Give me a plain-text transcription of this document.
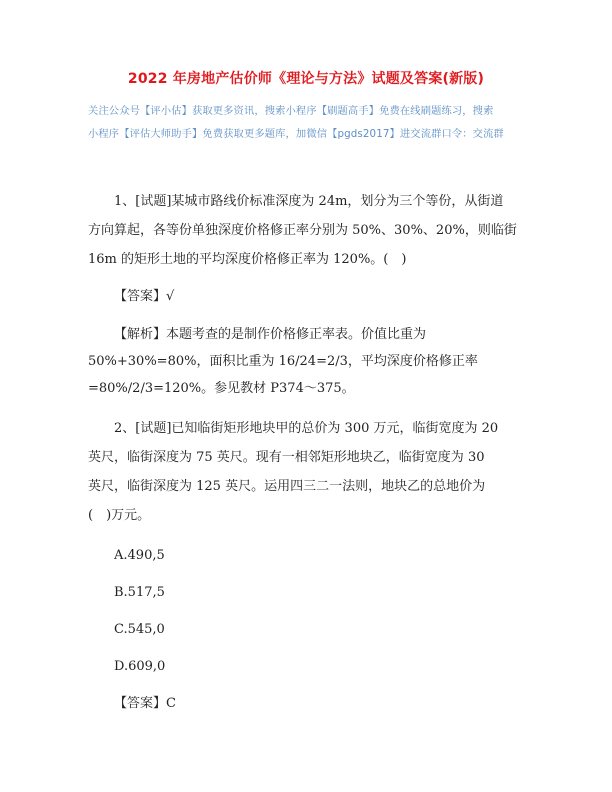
2022 年房地产估价师《理论与方法》试题及答案(新版)
关注公众号【评小估】获取更多资讯，搜索小程序【刷题高手】免费在线刷题练习，搜索
小程序【评估大师助手】免费获取更多题库，加微信【pgds2017】进交流群口令：交流群
1、[试题]某城市路线价标准深度为 24m，划分为三个等份，从街道
方向算起，各等份单独深度价格修正率分别为 50%、30%、20%，则临街
16m 的矩形土地的平均深度价格修正率为 120%。(　)
【答案】√
【解析】本题考查的是制作价格修正率表。价值比重为
50%+30%=80%，面积比重为 16/24=2/3，平均深度价格修正率
=80%/2/3=120%。参见教材 P374～375。
2、[试题]已知临街矩形地块甲的总价为 300 万元，临街宽度为 20
英尺，临街深度为 75 英尺。现有一相邻矩形地块乙，临街宽度为 30
英尺，临街深度为 125 英尺。运用四三二一法则，地块乙的总地价为
(　)万元。
A.490,5
B.517,5
C.545,0
D.609,0
【答案】C
